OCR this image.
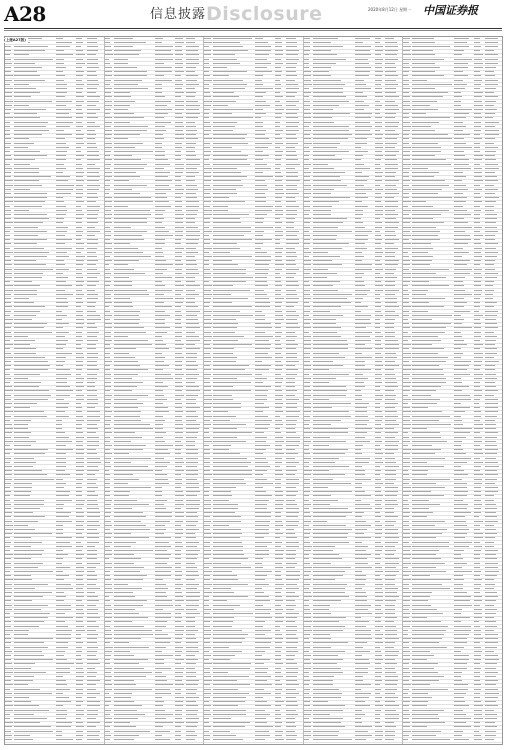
A28	信息披露 Disclosure	2020年8月12日 星期一 中国证券报
(上接A27版)
